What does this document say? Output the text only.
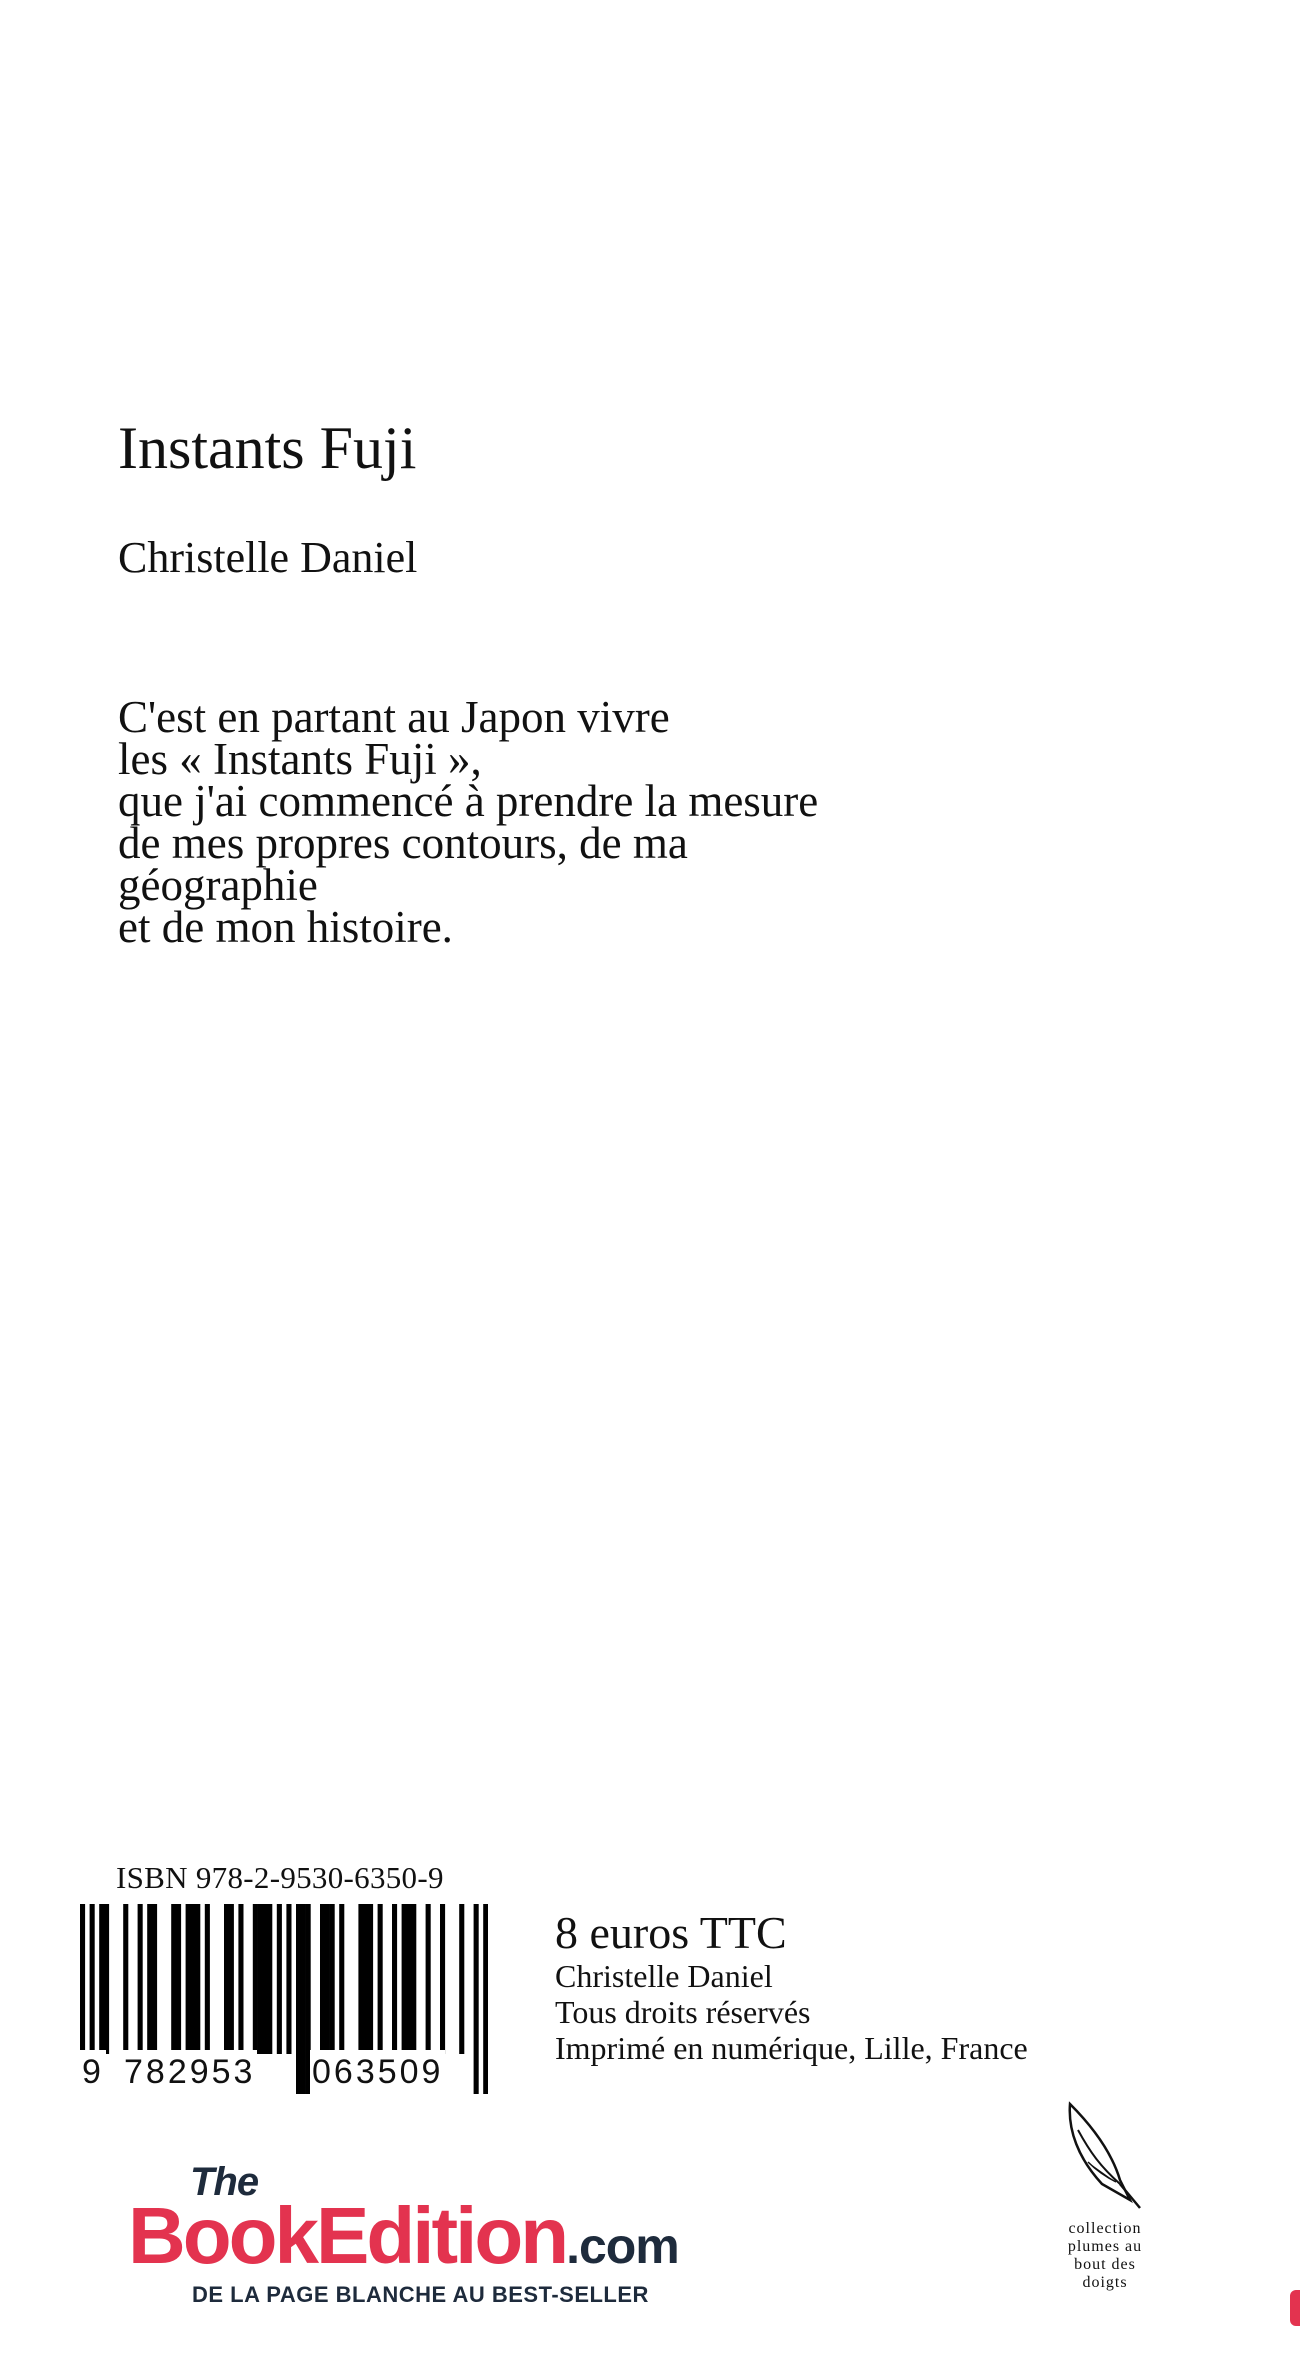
Instants Fuji
Christelle Daniel
C'est en partant au Japon vivre
les « Instants Fuji »,
que j'ai commencé à prendre la mesure
de mes propres contours, de ma
géographie
et de mon histoire.
ISBN 978-2-9530-6350-9
9 782953 063509
8 euros TTC
Christelle Daniel
Tous droits réservés
Imprimé en numérique, Lille, France
The
BookEdition.com
DE LA PAGE BLANCHE AU BEST-SELLER
collection
plumes au
bout des
doigts
